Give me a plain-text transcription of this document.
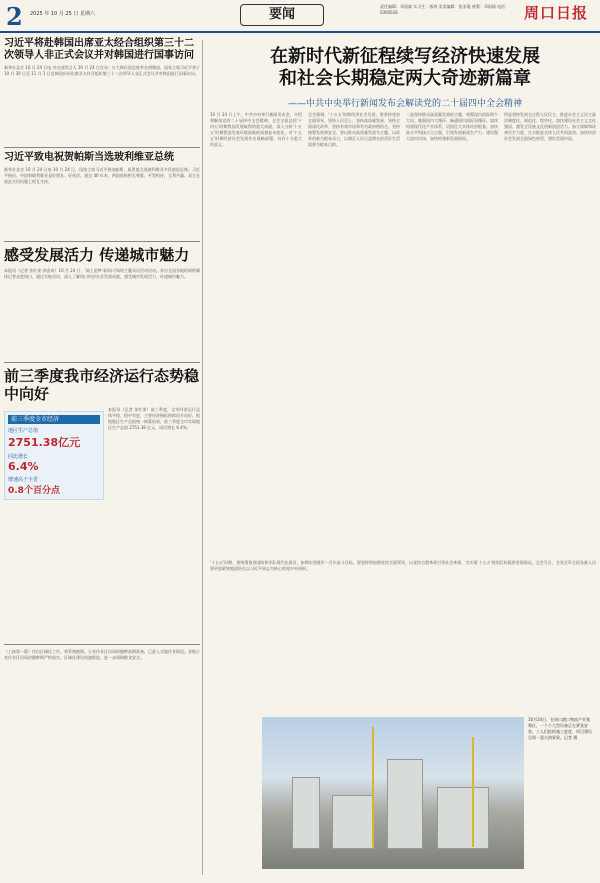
2 2025 年 10 月 25 日 星期六	要闻
责任编辑：邓国斌 实习生：郭鸿 美术编辑：张亚琨 统筹：邓国斌 电话：0395616	周口日报
习近平将赴韩国出席亚太经合组织第三十二次领导人非正式会议并对韩国进行国事访问
新华社北京 10 月 24 日电 外交部发言人 10 月 24 日宣布：应大韩民国总统李在明邀请，国家主席习近平将于 10 月 30 日至 11 月 1 日赴韩国庆州出席亚太经合组织第三十二次领导人非正式会议并对韩国进行国事访问。
习近平致电祝贺帕斯当选玻利维亚总统
新华社北京 10 月 24 日电 10 月 24 日，国家主席习近平致电帕斯，祝贺他当选玻利维亚多民族国总统。习近平指出，中国和玻利维亚是好朋友、好伙伴。建交 40 年来，两国始终相互尊重、平等相待、互利共赢。双方在彼此关切问题上相互支持。
感受发展活力 传递城市魅力
本报讯（记者 张红果 郭金成）10 月 24 日，'网上追梦·看周口'网络主题采访活动启动。来自全国各地的网络媒体记者走进周口，通过实地采访，深入了解周口经济社会发展成就，感受城市发展活力，传递城市魅力。
前三季度我市经济运行态势稳中向好
前三季度全市经济
地区生产总值
2751.38亿元
同比增长
6.4%
增速高于全省
0.8个百分点
本报讯（记者 张红果）前三季度，全市经济运行总体平稳、稳中有进，主要经济指标持续回升向好。根据地区生产总值统一核算结果，前三季度全市实现地区生产总值 2751.38 亿元，同比增长 6.4%。
（上接第一版）作出区域化工作，将系统梳理。小麦作业区田场的播种前期准备，已进入实地作业阶段。各地小麦作业区田场的播种期严格落实，区域化建设快速推进，进一步保障粮食安全。
在新时代新征程续写经济快速发展
和社会长期稳定两大奇迹新篇章
——中共中央举行新闻发布会解读党的二十届四中全会精神
10 月 24 日上午，中共中央举行新闻发布会，介绍和解读党的二十届四中全会精神。全会全面总结'十四五'时期我国发展取得的重大成就，深入分析'十五五'时期我国发展环境面临的深刻复杂变化，对'十五五'时期经济社会发展作出战略部署，具有十分重大的意义。
全会强调，'十五五'时期经济社会发展，要坚持党的全面领导，坚持人民至上，坚持高质量发展，坚持全面深化改革，坚持有效市场和有为政府相结合，坚持统筹发展和安全。要以推动高质量发展为主题，以改革创新为根本动力，以满足人民日益增长的美好生活需要为根本目的。
二是坚持推动高质量发展的主题，统筹国内国际两个大局。做强国内大循环，畅通国内国际双循环。加快构建现代化产业体系，巩固壮大实体经济根基。加快高水平科技自立自强，引领发展新质生产力。建设强大国内市场，加快构建新发展格局。
四是坚持发展全过程人民民主，推进社会主义民主政治制度化、规范化、程序化。加快建设社会主义文化强国，激发全民族文化创新创造活力。加大保障和改善民生力度，扎实推进全体人民共同富裕。加快经济社会发展全面绿色转型，建设美丽中国。
'十五五'时期，要统筹推进国防和军队现代化建设，如期实现建军一百年奋斗目标。要坚持和加强党的全面领导，以党的自我革命引领社会革命，为实现'十五五'规划目标提供坚强保证。全会号召，全党全军全国各族人民要更加紧密地团结在以习近平同志为核心的党中央周围。
10月24日，在周口港口物流产业集聚区，一个个大型设备正在紧张安装，工人们抢抓施工进度，项目建设呈现一派火热景象。记者 摄
